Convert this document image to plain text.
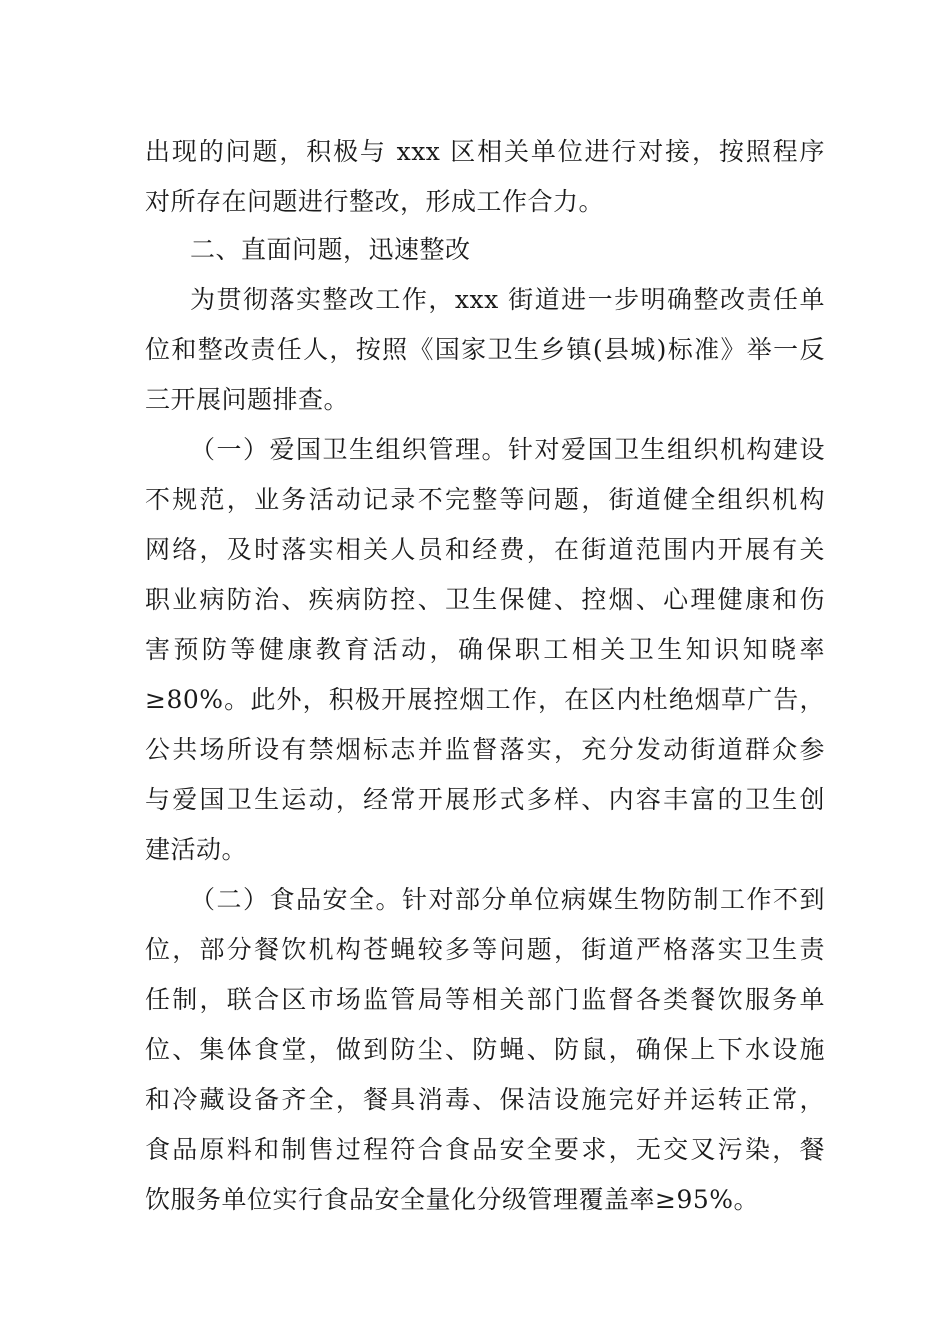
出现的问题，积极与 xxx 区相关单位进行对接，按照程序
对所存在问题进行整改，形成工作合力。
二、直面问题，迅速整改
为贯彻落实整改工作，xxx 街道进一步明确整改责任单
位和整改责任人，按照《国家卫生乡镇(县城)标准》举一反
三开展问题排查。
（一）爱国卫生组织管理。针对爱国卫生组织机构建设
不规范，业务活动记录不完整等问题，街道健全组织机构
网络，及时落实相关人员和经费，在街道范围内开展有关
职业病防治、疾病防控、卫生保健、控烟、心理健康和伤
害预防等健康教育活动，确保职工相关卫生知识知晓率
≥80%。此外，积极开展控烟工作，在区内杜绝烟草广告，
公共场所设有禁烟标志并监督落实，充分发动街道群众参
与爱国卫生运动，经常开展形式多样、内容丰富的卫生创
建活动。
（二）食品安全。针对部分单位病媒生物防制工作不到
位，部分餐饮机构苍蝇较多等问题，街道严格落实卫生责
任制，联合区市场监管局等相关部门监督各类餐饮服务单
位、集体食堂，做到防尘、防蝇、防鼠，确保上下水设施
和冷藏设备齐全，餐具消毒、保洁设施完好并运转正常，
食品原料和制售过程符合食品安全要求，无交叉污染，餐
饮服务单位实行食品安全量化分级管理覆盖率≥95%。
